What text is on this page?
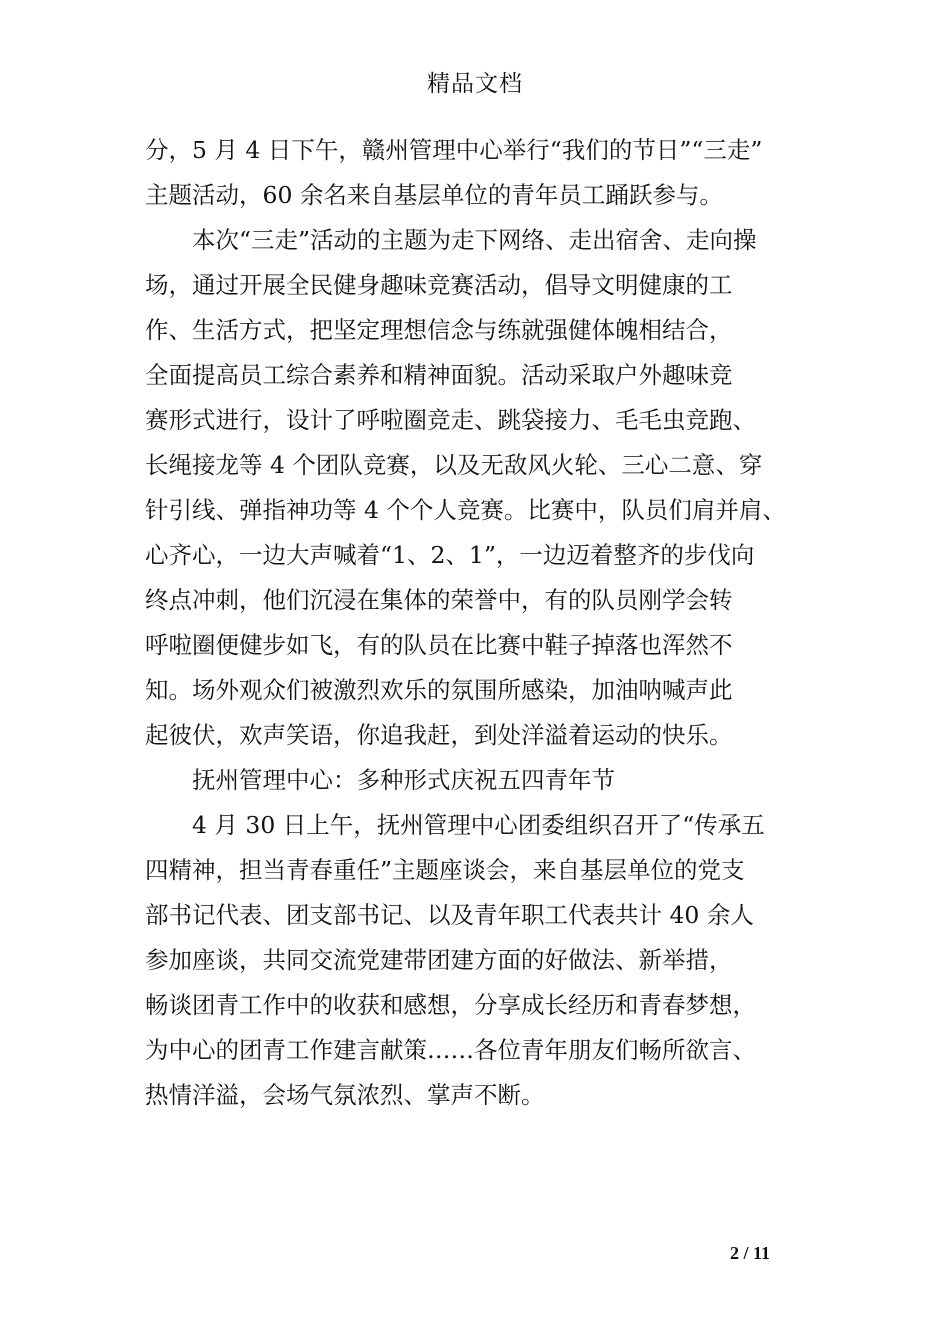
精品文档
分，5 月 4 日下午，赣州管理中心举行“我们的节日”“三走”
主题活动，60 余名来自基层单位的青年员工踊跃参与。
本次“三走”活动的主题为走下网络、走出宿舍、走向操
场，通过开展全民健身趣味竞赛活动，倡导文明健康的工
作、生活方式，把坚定理想信念与练就强健体魄相结合，
全面提高员工综合素养和精神面貌。活动采取户外趣味竞
赛形式进行，设计了呼啦圈竞走、跳袋接力、毛毛虫竞跑、
长绳接龙等 4 个团队竞赛，以及无敌风火轮、三心二意、穿
针引线、弹指神功等 4 个个人竞赛。比赛中，队员们肩并肩、
心齐心，一边大声喊着“1、2、1”，一边迈着整齐的步伐向
终点冲刺，他们沉浸在集体的荣誉中，有的队员刚学会转
呼啦圈便健步如飞，有的队员在比赛中鞋子掉落也浑然不
知。场外观众们被激烈欢乐的氛围所感染，加油呐喊声此
起彼伏，欢声笑语，你追我赶，到处洋溢着运动的快乐。
抚州管理中心：多种形式庆祝五四青年节
4 月 30 日上午，抚州管理中心团委组织召开了“传承五
四精神，担当青春重任”主题座谈会，来自基层单位的党支
部书记代表、团支部书记、以及青年职工代表共计 40 余人
参加座谈，共同交流党建带团建方面的好做法、新举措，
畅谈团青工作中的收获和感想，分享成长经历和青春梦想，
为中心的团青工作建言献策……各位青年朋友们畅所欲言、
热情洋溢，会场气氛浓烈、掌声不断。
2 / 11
